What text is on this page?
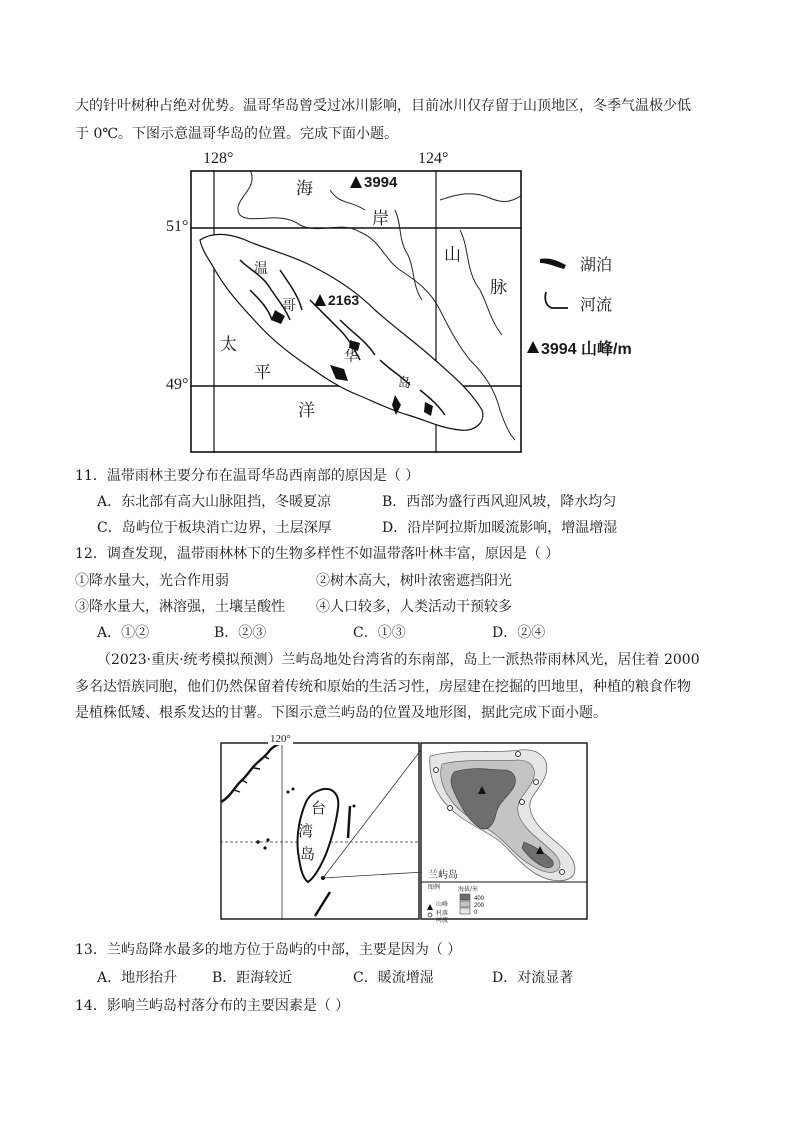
大的针叶树种占绝对优势。温哥华岛曾受过冰川影响，目前冰川仅存留于山顶地区，冬季气温极少低
于 0℃。下图示意温哥华岛的位置。完成下面小题。
128°	124°
51°
49°
海	3994
岸
山
脉
温
哥 2163
华
岛
太
平
洋
湖泊
河流
3994 山峰/m
11．温带雨林主要分布在温哥华岛西南部的原因是（ ）
A．东北部有高大山脉阻挡，冬暖夏凉	B．西部为盛行西风迎风坡，降水均匀
C．岛屿位于板块消亡边界，土层深厚	D．沿岸阿拉斯加暖流影响，增温增湿
12．调查发现，温带雨林林下的生物多样性不如温带落叶林丰富，原因是（ ）
①降水量大，光合作用弱	②树木高大，树叶浓密遮挡阳光
③降水量大，淋溶强，土壤呈酸性 ④人口较多，人类活动干预较多
A．①②	B．②③	C．①③	D．②④
（2023·重庆·统考模拟预测）兰屿岛地处台湾省的东南部，岛上一派热带雨林风光，居住着 2000
多名达悟族同胞，他们仍然保留着传统和原始的生活习性，房屋建在挖掘的凹地里，种植的粮食作物
是植株低矮、根系发达的甘薯。下图示意兰屿岛的位置及地形图，据此完成下面小题。
120°
台
湾
岛
兰屿岛
图例
山峰
村落
河流
海拔/米
400
200
0
13．兰屿岛降水最多的地方位于岛屿的中部，主要是因为（ ）
A．地形抬升 B．距海较近	C．暖流增湿	D．对流显著
14．影响兰屿岛村落分布的主要因素是（ ）
